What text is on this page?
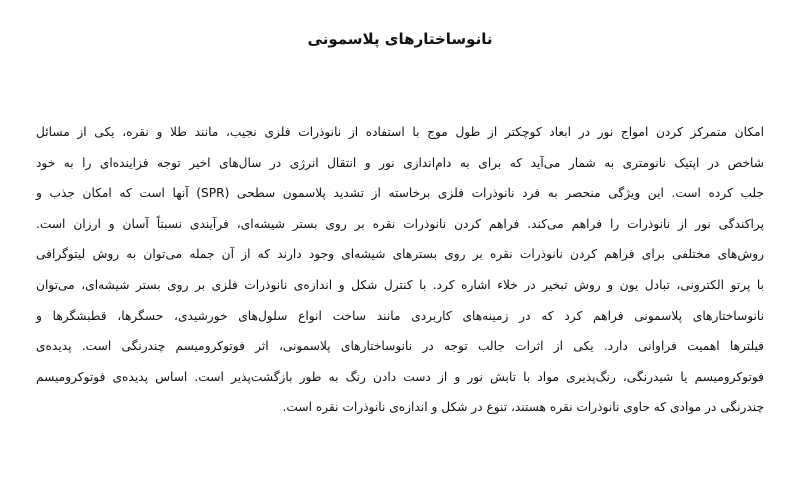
نانوساختارهای پلاسمونی
امکان متمرکز کردن امواج نور در ابعاد کوچکتر از طول موج با استفاده از نانوذرات فلزی نجیب، مانند طلا و نقره، یکی از مسائل
شاخص در اپتیک نانومتری به شمار می‌آید که برای به دام‌اندازی نور و انتقال انرژی در سال‌های اخیر توجه فزاینده‌ای را به خود
جلب کرده است. این ویژگی منحصر به فرد نانوذرات فلزی برخاسته از تشدید پلاسمون سطحی (SPR) آنها است که امکان جذب و
پراکندگی نور از نانوذرات را فراهم می‌کند. فراهم کردن نانوذرات نقره بر روی بستر شیشه‌ای، فرآیندی نسبتاً آسان و ارزان است.
روش‌های مختلفی برای فراهم کردن نانوذرات نقره بر روی بسترهای شیشه‌ای وجود دارند که از آن جمله می‌توان به روش لیتوگرافی
با پرتو الکترونی، تبادل یون و روش تبخیر در خلاء اشاره کرد. با کنترل شکل و اندازه‌ی نانوذرات فلزی بر روی بستر شیشه‌ای، می‌توان
نانوساختارهای پلاسمونی فراهم کرد که در زمینه‌های کاربردی مانند ساخت انواع سلول‌های خورشیدی، حسگرها، قطبشگرها و
فیلترها اهمیت فراوانی دارد. یکی از اثرات جالب توجه در نانوساختارهای پلاسمونی، اثر فوتوکرومیسم چندرنگی است. پدیده‌ی
فوتوکرومیسم یا شیدرنگی، رنگ‌پذیری مواد با تابش نور و از دست دادن رنگ به طور بازگشت‌پذیر است. اساس پدیده‌ی فوتوکرومیسم
چندرنگی در موادی که حاوی نانوذرات نقره هستند، تنوع در شکل و اندازه‌ی نانوذرات نقره است.
